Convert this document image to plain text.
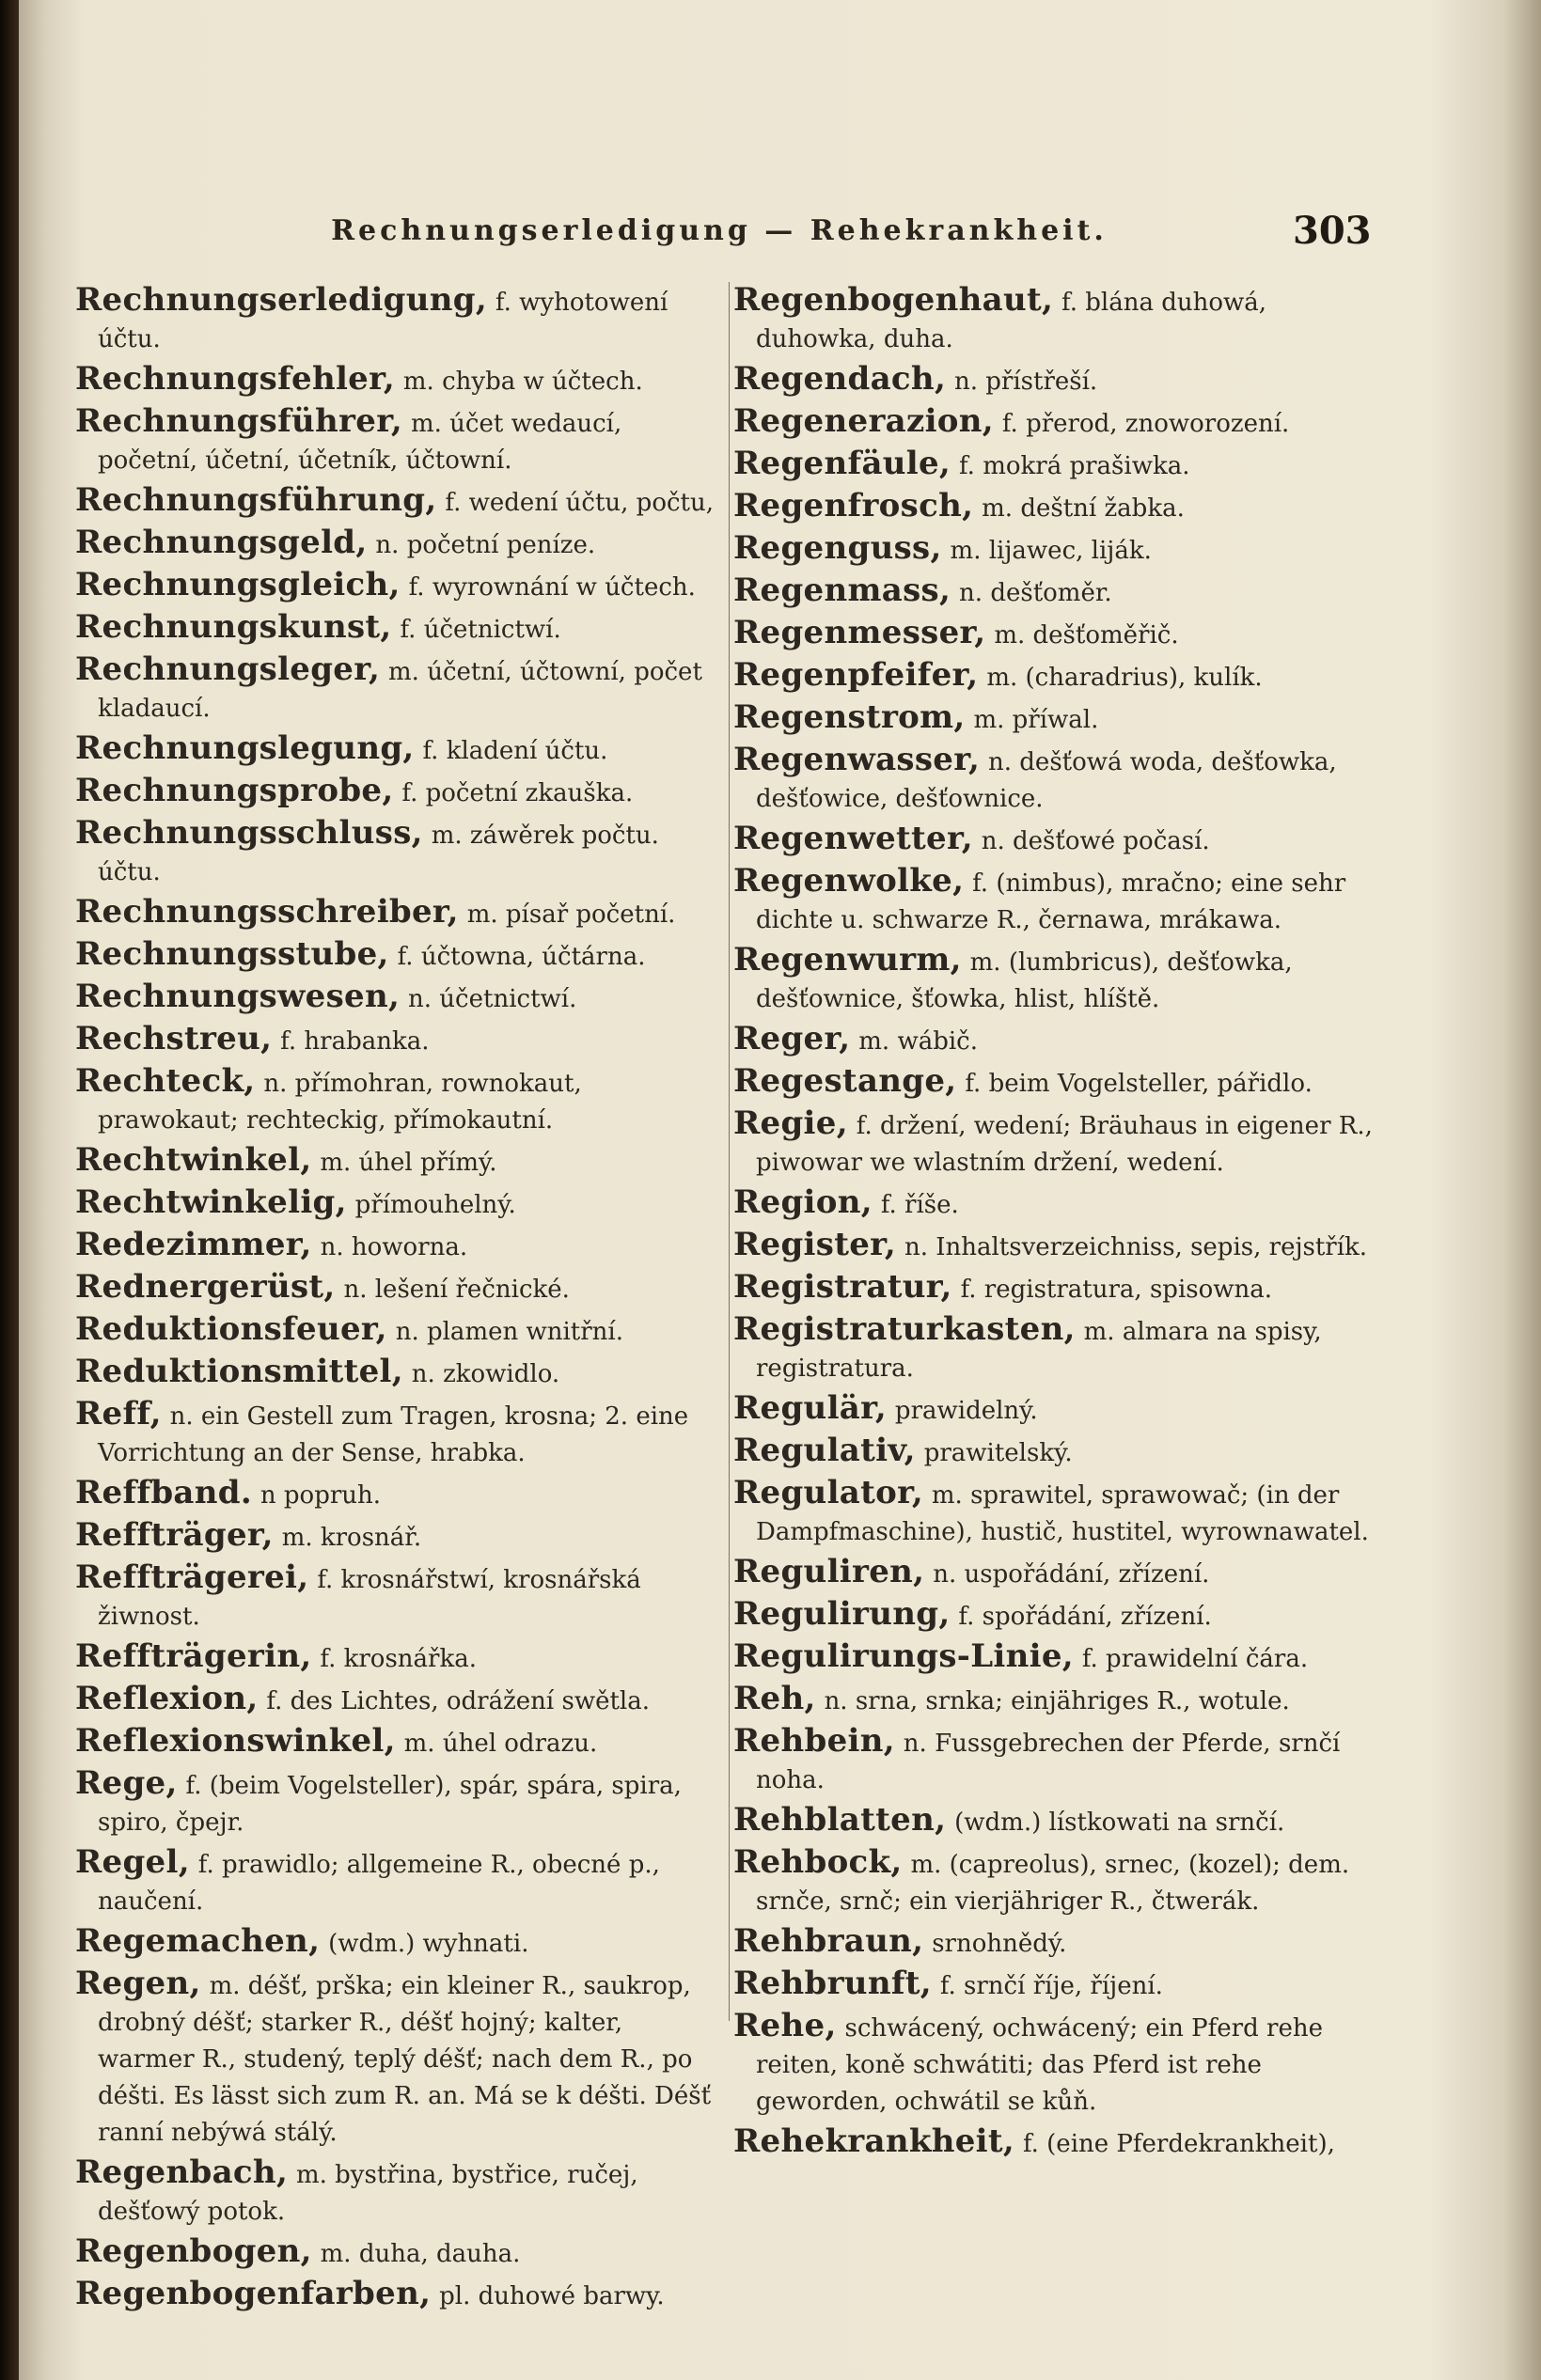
Rechnungserledigung — Rehekrankheit.	303
Rechnungserledigung, f. wyhotowení účtu.
Rechnungsfehler, m. chyba w účtech.
Rechnungsführer, m. účet wedaucí, početní, účetní, účetník, účtowní.
Rechnungsführung, f. wedení účtu, počtu,
Rechnungsgeld, n. početní peníze.
Rechnungsgleich, f. wyrownání w účtech.
Rechnungskunst, f. účetnictwí.
Rechnungsleger, m. účetní, účtowní, počet kladaucí.
Rechnungslegung, f. kladení účtu.
Rechnungsprobe, f. početní zkauška.
Rechnungsschluss, m. záwěrek počtu. účtu.
Rechnungsschreiber, m. písař početní.
Rechnungsstube, f. účtowna, účtárna.
Rechnungswesen, n. účetnictwí.
Rechstreu, f. hrabanka.
Rechteck, n. přímohran, rownokaut, prawokaut; rechteckig, přímokautní.
Rechtwinkel, m. úhel přímý.
Rechtwinkelig, přímouhelný.
Redezimmer, n. howorna.
Rednergerüst, n. lešení řečnické.
Reduktionsfeuer, n. plamen wnitřní.
Reduktionsmittel, n. zkowidlo.
Reff, n. ein Gestell zum Tragen, krosna; 2. eine Vorrichtung an der Sense, hrabka.
Reffband. n popruh.
Reffträger, m. krosnář.
Reffträgerei, f. krosnářstwí, krosnářská žiwnost.
Reffträgerin, f. krosnářka.
Reflexion, f. des Lichtes, odrážení swětla.
Reflexionswinkel, m. úhel odrazu.
Rege, f. (beim Vogelsteller), spár, spára, spira, spiro, čpejr.
Regel, f. prawidlo; allgemeine R., obecné p., naučení.
Regemachen, (wdm.) wyhnati.
Regen, m. déšť, prška; ein kleiner R., saukrop, drobný déšť; starker R., déšť hojný; kalter, warmer R., studený, teplý déšť; nach dem R., po déšti. Es lässt sich zum R. an. Má se k déšti. Déšť ranní nebýwá stálý.
Regenbach, m. bystřina, bystřice, ručej, dešťowý potok.
Regenbogen, m. duha, dauha.
Regenbogenfarben, pl. duhowé barwy.
Regenbogenhaut, f. blána duhowá, duhowka, duha.
Regendach, n. přístřeší.
Regenerazion, f. přerod, znoworození.
Regenfäule, f. mokrá prašiwka.
Regenfrosch, m. deštní žabka.
Regenguss, m. lijawec, liják.
Regenmass, n. dešťoměr.
Regenmesser, m. dešťoměřič.
Regenpfeifer, m. (charadrius), kulík.
Regenstrom, m. příwal.
Regenwasser, n. dešťowá woda, dešťowka, dešťowice, dešťownice.
Regenwetter, n. dešťowé počasí.
Regenwolke, f. (nimbus), mračno; eine sehr dichte u. schwarze R., černawa, mrákawa.
Regenwurm, m. (lumbricus), dešťowka, dešťownice, šťowka, hlist, hlíště.
Reger, m. wábič.
Regestange, f. beim Vogelsteller, pářidlo.
Regie, f. držení, wedení; Bräuhaus in eigener R., piwowar we wlastním držení, wedení.
Region, f. říše.
Register, n. Inhaltsverzeichniss, sepis, rejstřík.
Registratur, f. registratura, spisowna.
Registraturkasten, m. almara na spisy, registratura.
Regulär, prawidelný.
Regulativ, prawitelský.
Regulator, m. sprawitel, sprawowač; (in der Dampfmaschine), hustič, hustitel, wyrownawatel.
Reguliren, n. uspořádání, zřízení.
Regulirung, f. spořádání, zřízení.
Regulirungs-Linie, f. prawidelní čára.
Reh, n. srna, srnka; einjähriges R., wotule.
Rehbein, n. Fussgebrechen der Pferde, srnčí noha.
Rehblatten, (wdm.) lístkowati na srnčí.
Rehbock, m. (capreolus), srnec, (kozel); dem. srnče, srnč; ein vierjähriger R., čtwerák.
Rehbraun, srnohnědý.
Rehbrunft, f. srnčí říje, říjení.
Rehe, schwácený, ochwácený; ein Pferd rehe reiten, koně schwátiti; das Pferd ist rehe geworden, ochwátil se kůň.
Rehekrankheit, f. (eine Pferdekrankheit),
